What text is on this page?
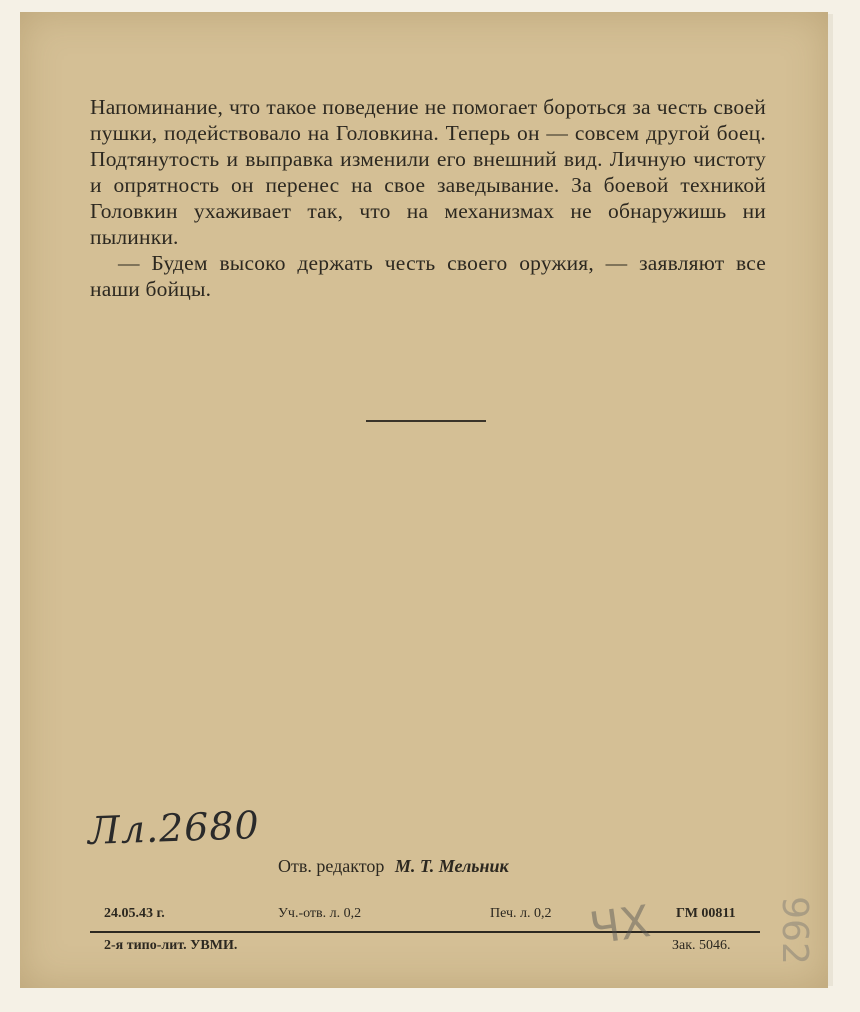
Напоминание, что такое поведение не помогает бороться за честь своей пушки, подействовало на Головкина. Теперь он — совсем другой боец. Подтянутость и выправка изменили его внешний вид. Личную чистоту и опрятность он перенес на свое заведывание. За боевой техникой Головкин ухаживает так, что на механизмах не обнаружишь ни пылинки.

— Будем высоко держать честь своего оружия, — заявляют все наши бойцы.

Лл.2680
Отв. редактор М. Т. Мельник
24.05.43 г.	Уч.-отв. л. 0,2	Печ. л. 0,2	ГМ 00811
2-я типо-лит. УВМИ.	Зак. 5046.
ЧХ	962
